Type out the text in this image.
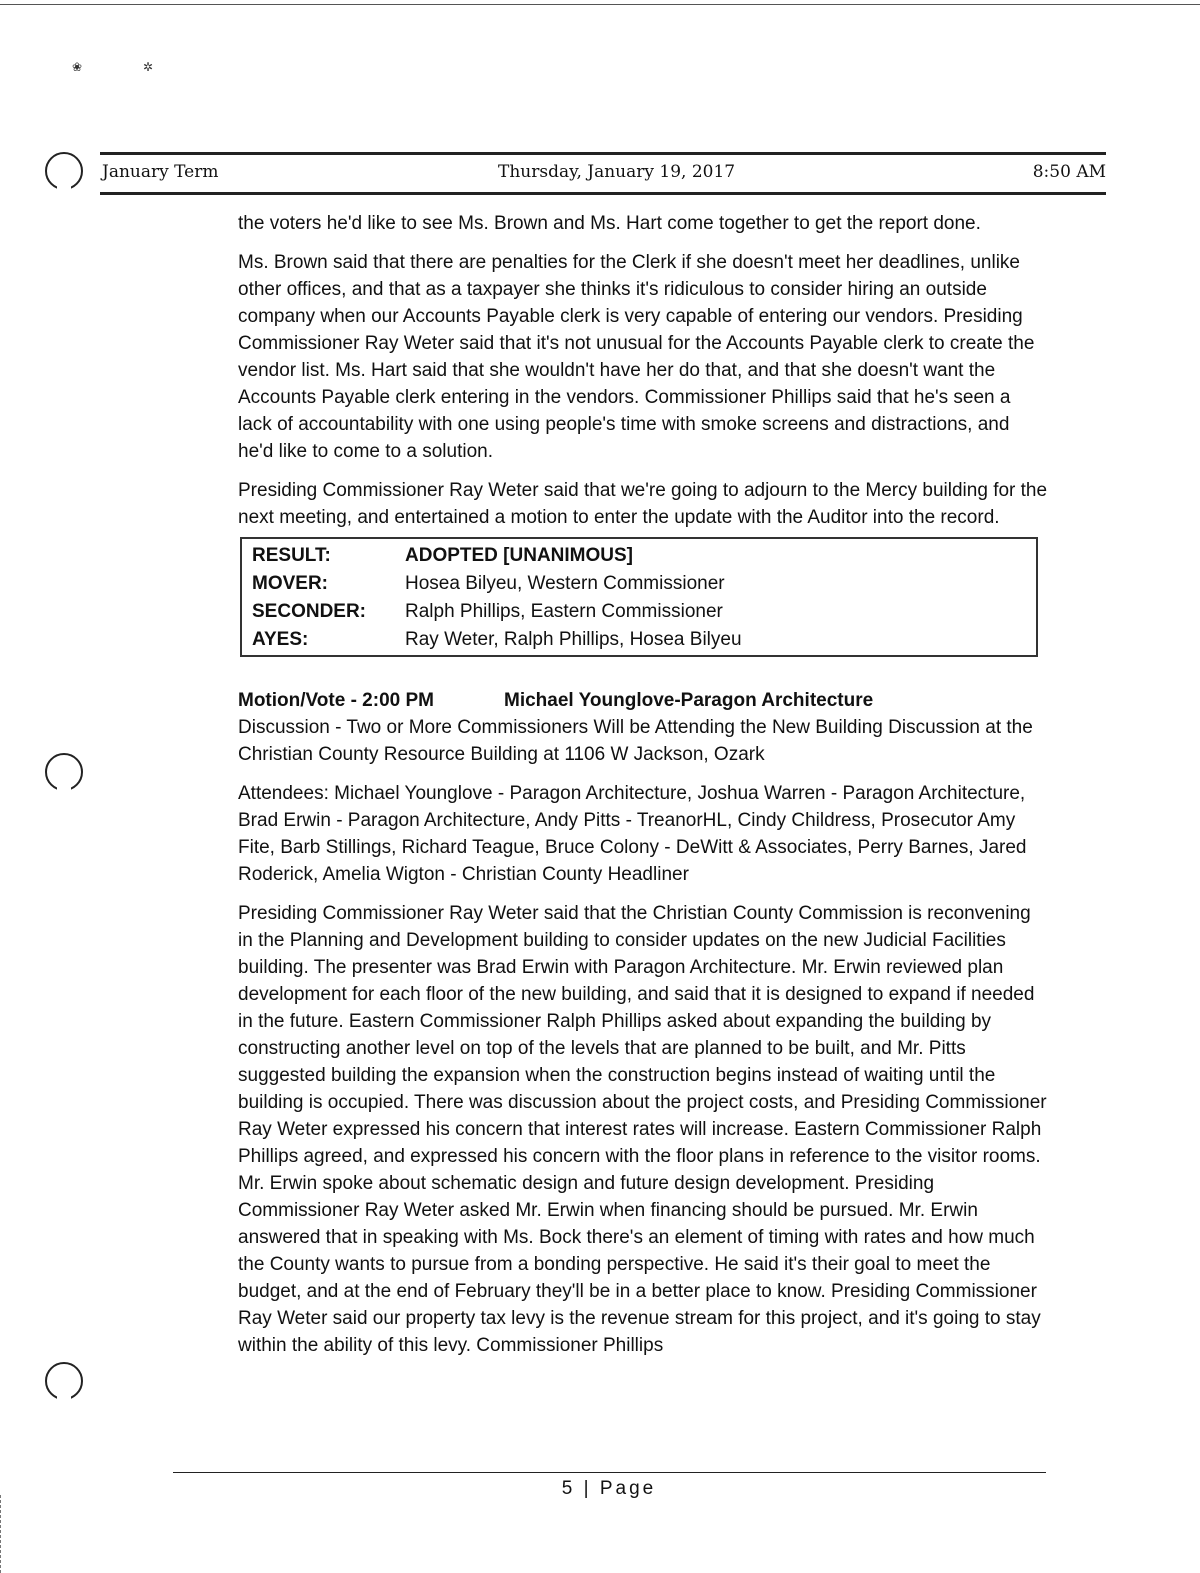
❀	✲
January Term	Thursday, January 19, 2017	8:50 AM

the voters he'd like to see Ms. Brown and Ms. Hart come together to get the report done.

Ms. Brown said that there are penalties for the Clerk if she doesn't meet her deadlines, unlike other offices, and that as a taxpayer she thinks it's ridiculous to consider hiring an outside company when our Accounts Payable clerk is very capable of entering our vendors. Presiding Commissioner Ray Weter said that it's not unusual for the Accounts Payable clerk to create the vendor list. Ms. Hart said that she wouldn't have her do that, and that she doesn't want the Accounts Payable clerk entering in the vendors. Commissioner Phillips said that he's seen a lack of accountability with one using people's time with smoke screens and distractions, and he'd like to come to a solution.

Presiding Commissioner Ray Weter said that we're going to adjourn to the Mercy building for the next meeting, and entertained a motion to enter the update with the Auditor into the record.

RESULT:	ADOPTED [UNANIMOUS]
MOVER:	Hosea Bilyeu, Western Commissioner
SECONDER:	Ralph Phillips, Eastern Commissioner
AYES:	Ray Weter, Ralph Phillips, Hosea Bilyeu
Motion/Vote - 2:00 PM	Michael Younglove-Paragon Architecture

Discussion - Two or More Commissioners Will be Attending the New Building Discussion at the Christian County Resource Building at 1106 W Jackson, Ozark

Attendees: Michael Younglove - Paragon Architecture, Joshua Warren - Paragon Architecture, Brad Erwin - Paragon Architecture, Andy Pitts - TreanorHL, Cindy Childress, Prosecutor Amy Fite, Barb Stillings, Richard Teague, Bruce Colony - DeWitt & Associates, Perry Barnes, Jared Roderick, Amelia Wigton - Christian County Headliner

Presiding Commissioner Ray Weter said that the Christian County Commission is reconvening in the Planning and Development building to consider updates on the new Judicial Facilities building. The presenter was Brad Erwin with Paragon Architecture. Mr. Erwin reviewed plan development for each floor of the new building, and said that it is designed to expand if needed in the future. Eastern Commissioner Ralph Phillips asked about expanding the building by constructing another level on top of the levels that are planned to be built, and Mr. Pitts suggested building the expansion when the construction begins instead of waiting until the building is occupied. There was discussion about the project costs, and Presiding Commissioner Ray Weter expressed his concern that interest rates will increase. Eastern Commissioner Ralph Phillips agreed, and expressed his concern with the floor plans in reference to the visitor rooms. Mr. Erwin spoke about schematic design and future design development. Presiding Commissioner Ray Weter asked Mr. Erwin when financing should be pursued. Mr. Erwin answered that in speaking with Ms. Bock there's an element of timing with rates and how much the County wants to pursue from a bonding perspective. He said it's their goal to meet the budget, and at the end of February they'll be in a better place to know. Presiding Commissioner Ray Weter said our property tax levy is the revenue stream for this project, and it's going to stay within the ability of this levy. Commissioner Phillips

5 | Page
